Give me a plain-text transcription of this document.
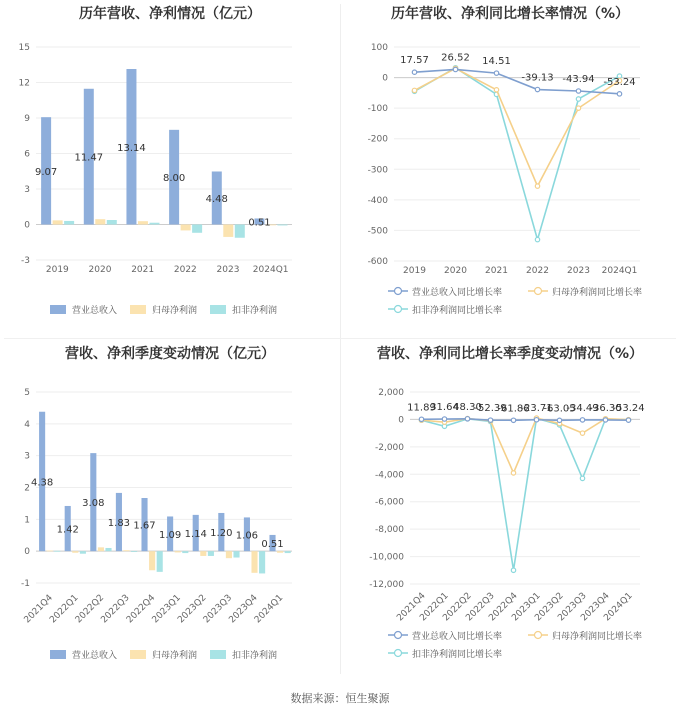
历年营收、净利情况（亿元）
15
12
9
6
3
0
-3
2019 2020 2021 2022 2023 2024Q1
9.07
11.47
13.14
8.00
4.48
0.51
营业总收入	归母净利润	扣非净利润
历年营收、净利同比增长率情况（%）
100
0
-100
-200
-300
-400
-500
-600
2019 2020 2021 2022 2023 2024Q1
17.57 26.52 14.51
-39.13 -43.94 -53.24
营业总收入同比增长率	归母净利润同比增长率
扣非净利润同比增长率
营收、净利季度变动情况（亿元）
5
4
3
2
1
0
-1
2021Q4
2022Q1
2022Q2
2022Q3
2022Q4
2023Q1
2023Q2
2023Q3
2023Q4
2024Q1
4.38
1.42
3.08
1.83 1.67
1.09 1.14 1.20 1.06
0.51
营业总收入	归母净利润	扣非净利润
营收、净利同比增长率季度变动情况（%）
2,000
0
-2,000
-4,000
-6,000
-8,000
-10,000
-12,000
2021Q4
2022Q1
2022Q2
2022Q3
2022Q4
2023Q1
2023Q2
2023Q3
2023Q4
2024Q1
11.89
31.64
48.30
-52.39
-61.86
-23.71
-63.05
-34.49
-36.30
-53.24
营业总收入同比增长率	归母净利润同比增长率
扣非净利润同比增长率
数据来源：恒生聚源
